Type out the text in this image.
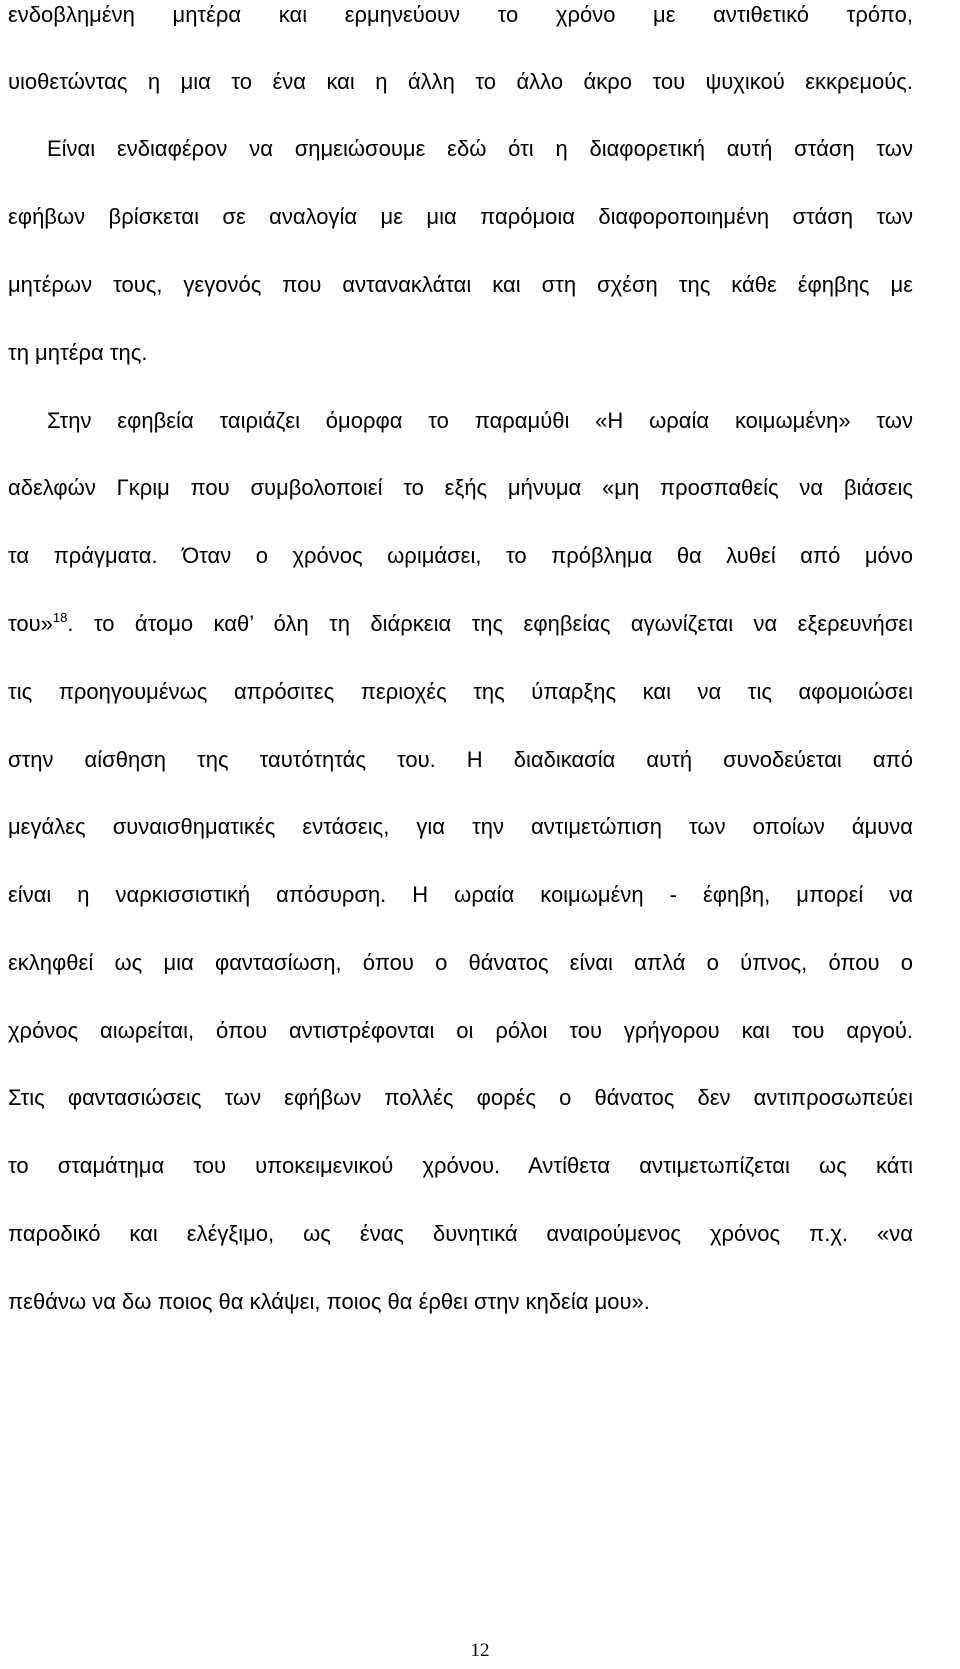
ενδοβλημένη μητέρα και ερμηνεύουν το χρόνο με αντιθετικό τρόπο,

υιοθετώντας η μια το ένα και η άλλη το άλλο άκρο του ψυχικού εκκρεμούς.

Είναι ενδιαφέρον να σημειώσουμε εδώ ότι η διαφορετική αυτή στάση των

εφήβων βρίσκεται σε αναλογία με μια παρόμοια διαφοροποιημένη στάση των

μητέρων τους, γεγονός που αντανακλάται και στη σχέση της κάθε έφηβης με

τη μητέρα της.

Στην εφηβεία ταιριάζει όμορφα το παραμύθι «Η ωραία κοιμωμένη» των

αδελφών Γκριμ που συμβολοποιεί το εξής μήνυμα «μη προσπαθείς να βιάσεις

τα πράγματα. Όταν ο χρόνος ωριμάσει, το πρόβλημα θα λυθεί από μόνο

του»$^{18}$. το άτομο καθ’ όλη τη διάρκεια της εφηβείας αγωνίζεται να εξερευνήσει

τις προηγουμένως απρόσιτες περιοχές της ύπαρξης και να τις αφομοιώσει

στην αίσθηση της ταυτότητάς του. Η διαδικασία αυτή συνοδεύεται από

μεγάλες συναισθηματικές εντάσεις, για την αντιμετώπιση των οποίων άμυνα

είναι η ναρκισσιστική απόσυρση. Η ωραία κοιμωμένη - έφηβη, μπορεί να

εκληφθεί ως μια φαντασίωση, όπου ο θάνατος είναι απλά ο ύπνος, όπου ο

χρόνος αιωρείται, όπου αντιστρέφονται οι ρόλοι του γρήγορου και του αργού.

Στις φαντασιώσεις των εφήβων πολλές φορές ο θάνατος δεν αντιπροσωπεύει

το σταμάτημα του υποκειμενικού χρόνου. Αντίθετα αντιμετωπίζεται ως κάτι

παροδικό και ελέγξιμο, ως ένας δυνητικά αναιρούμενος χρόνος π.χ. «να

πεθάνω να δω ποιος θα κλάψει, ποιος θα έρθει στην κηδεία μου».

12
